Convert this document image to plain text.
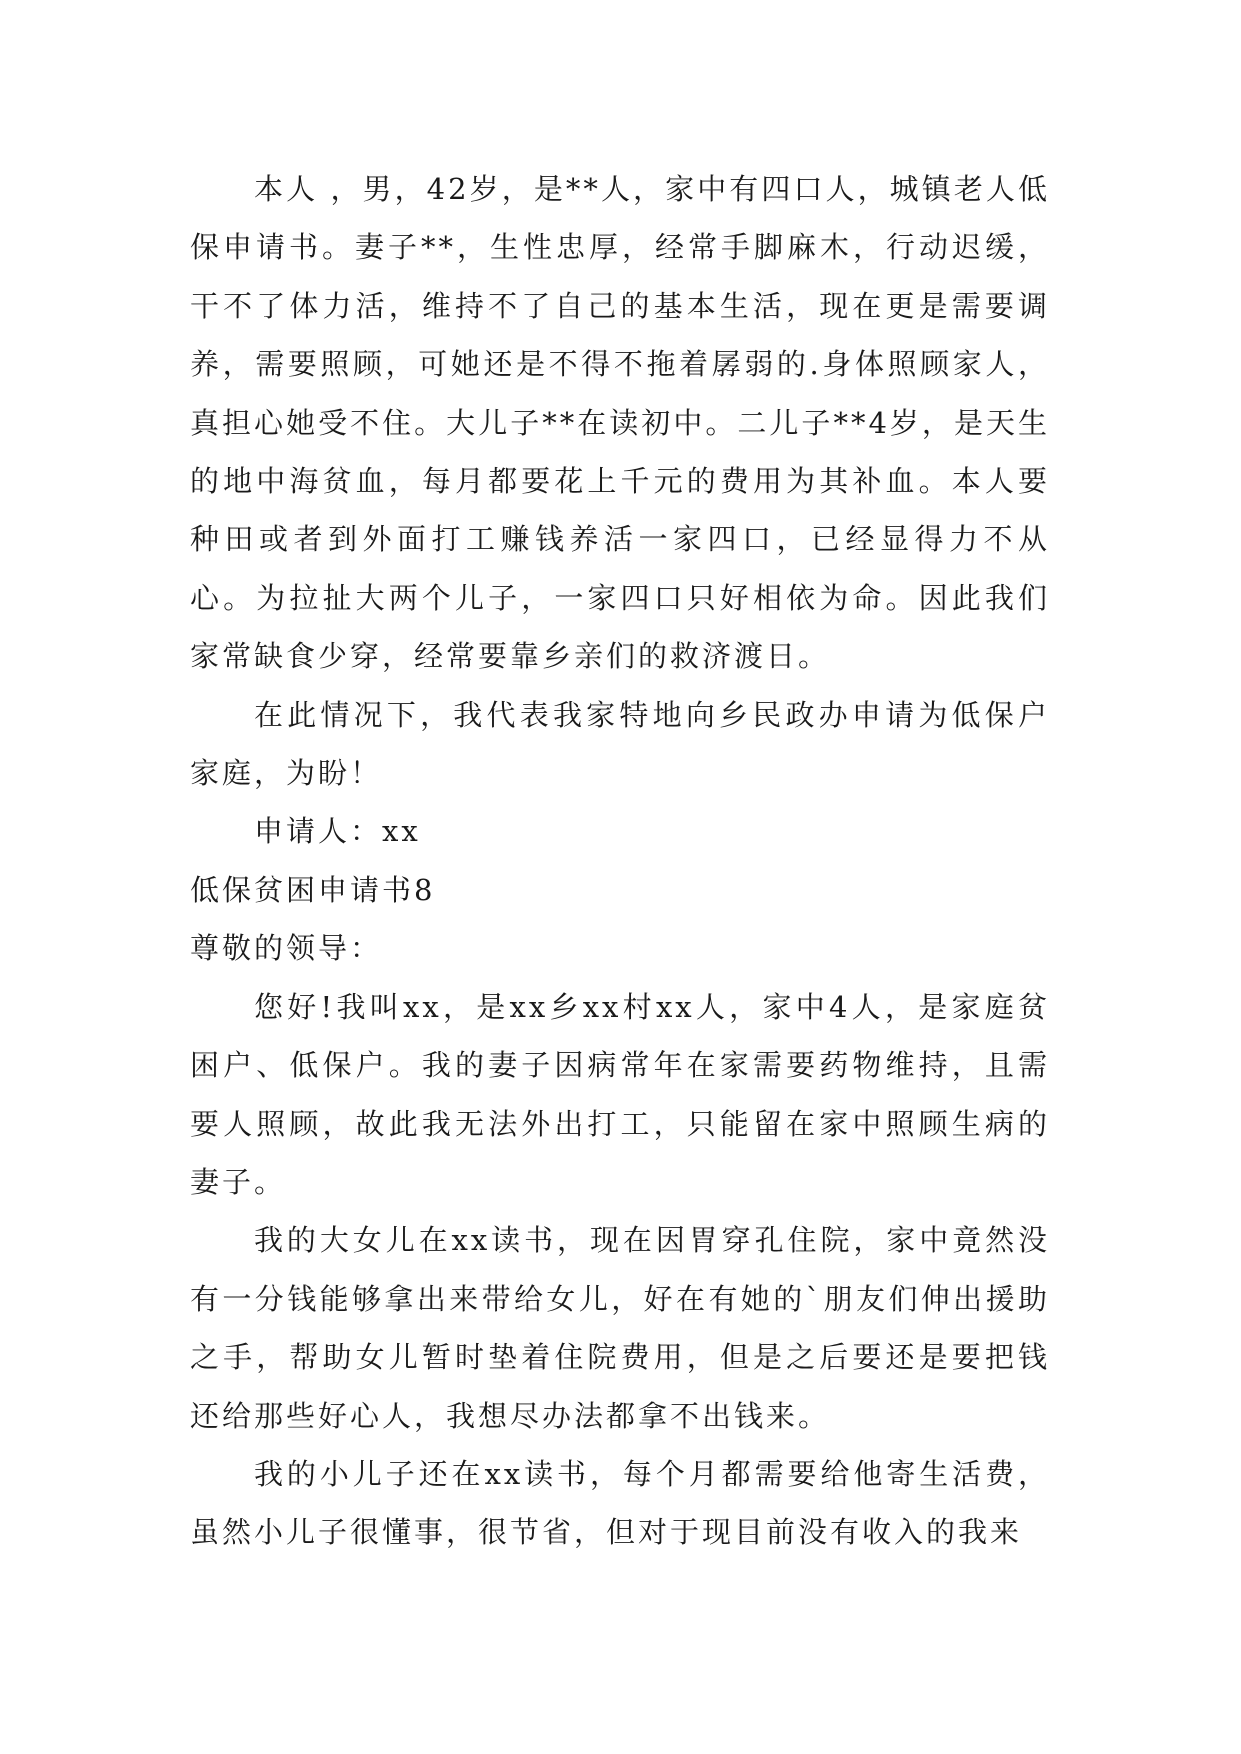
本人 ，男，42岁，是**人，家中有四口人，城镇老人低保申请书。妻子**，生性忠厚，经常手脚麻木，行动迟缓，干不了体力活，维持不了自己的基本生活，现在更是需要调养，需要照顾，可她还是不得不拖着孱弱的.身体照顾家人，真担心她受不住。大儿子**在读初中。二儿子**4岁，是天生的地中海贫血，每月都要花上千元的费用为其补血。本人要种田或者到外面打工赚钱养活一家四口，已经显得力不从心。为拉扯大两个儿子，一家四口只好相依为命。因此我们家常缺食少穿，经常要靠乡亲们的救济渡日。

在此情况下，我代表我家特地向乡民政办申请为低保户家庭，为盼！

申请人：xx

低保贫困申请书8

尊敬的领导：

您好!我叫xx，是xx乡xx村xx人，家中4人，是家庭贫困户、低保户。我的妻子因病常年在家需要药物维持，且需要人照顾，故此我无法外出打工，只能留在家中照顾生病的妻子。

我的大女儿在xx读书，现在因胃穿孔住院，家中竟然没有一分钱能够拿出来带给女儿，好在有她的`朋友们伸出援助之手，帮助女儿暂时垫着住院费用，但是之后要还是要把钱还给那些好心人，我想尽办法都拿不出钱来。

我的小儿子还在xx读书，每个月都需要给他寄生活费，虽然小儿子很懂事，很节省，但对于现目前没有收入的我来
